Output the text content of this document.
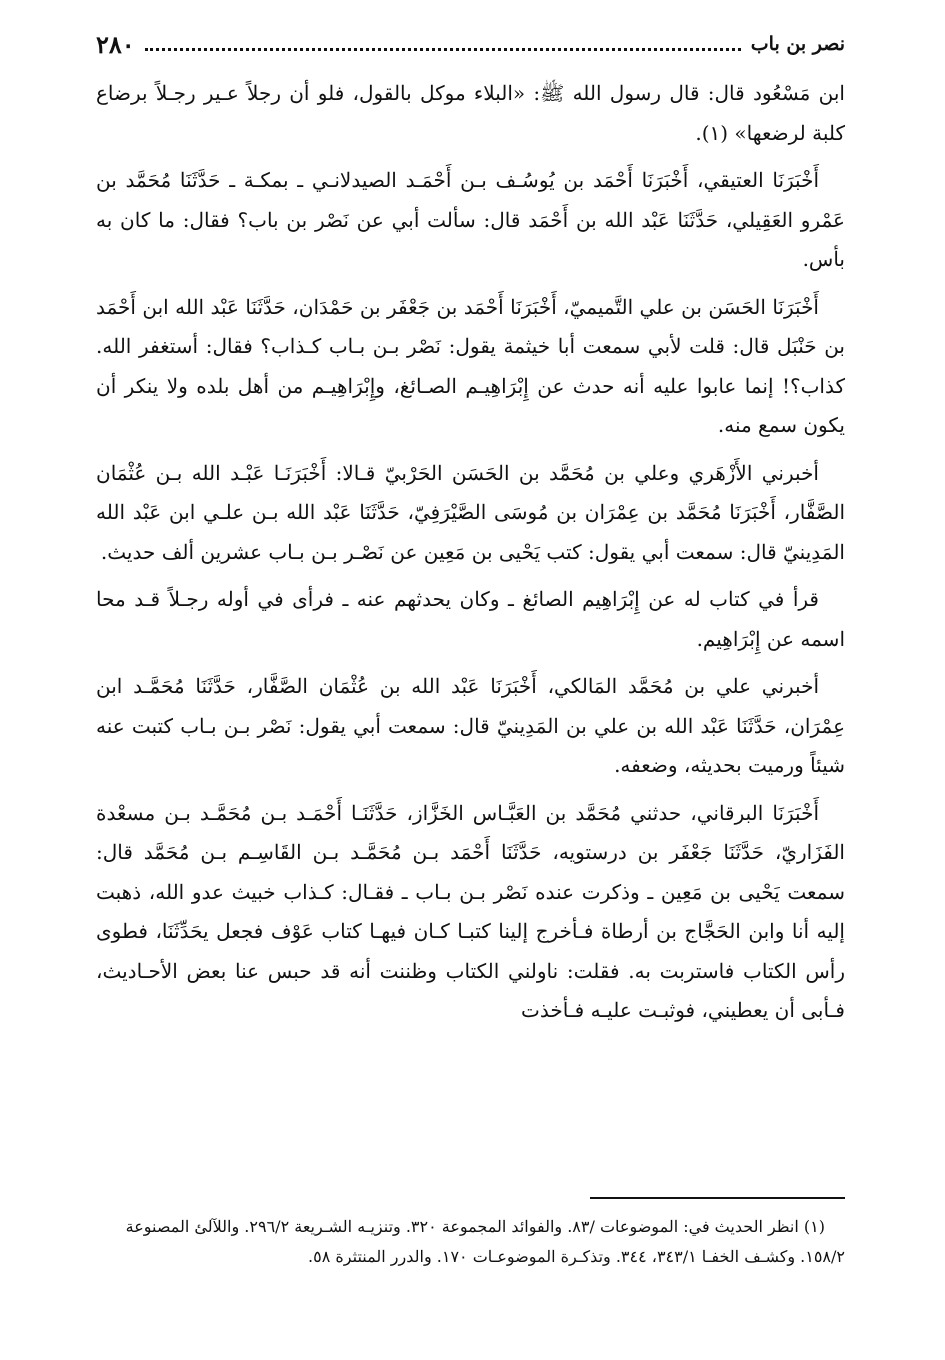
٢٨٠	نصر بن باب

ابن مَسْعُود قال: قال رسول الله ﷺ: «البلاء موكل بالقول، فلو أن رجلاً عـير رجـلاً برضاع كلبة لرضعها» (١).

أَخْبَرَنَا العتيقي، أَخْبَرَنَا أَحْمَد بن يُوسُـف بـن أَحْمَـد الصيدلانـي ـ بمكـة ـ حَدَّثَنَا مُحَمَّد بن عَمْرو العَقِيلي، حَدَّثَنَا عَبْد الله بن أَحْمَد قال: سألت أبي عن نَصْر بن باب؟ فقال: ما كان به بأس.

أَخْبَرَنَا الحَسَن بن علي التَّميميّ، أَخْبَرَنَا أَحْمَد بن جَعْفَر بن حَمْدَان، حَدَّثَنَا عَبْد الله ابن أَحْمَد بن حَنْبَل قال: قلت لأبي سمعت أبا خيثمة يقول: نَصْر بـن بـاب كـذاب؟ فقال: أستغفر الله. كذاب؟! إنما عابوا عليه أنه حدث عن إِبْرَاهِيـم الصـائغ، وإِبْرَاهِيـم من أهل بلده ولا ينكر أن يكون سمع منه.

أخبرني الأَزْهَري وعلي بن مُحَمَّد بن الحَسَن الحَرْبيّ قـالا: أَخْبَرَنَـا عَبْـد الله بـن عُثْمَان الصَّفَّار، أَخْبَرَنَا مُحَمَّد بن عِمْرَان بن مُوسَى الصَّيْرَفِيّ، حَدَّثَنَا عَبْد الله بـن علـي ابن عَبْد الله المَدِينيّ قال: سمعت أبي يقول: كتب يَحْيى بن مَعِين عن نَصْـر بـن بـاب عشرين ألف حديث.

قرأ في كتاب له عن إِبْرَاهِيم الصائغ ـ وكان يحدثهم عنه ـ فرأى في أوله رجـلاً قـد محا اسمه عن إِبْرَاهِيم.

أخبرني علي بن مُحَمَّد المَالكي، أَخْبَرَنَا عَبْد الله بن عُثْمَان الصَّفَّار، حَدَّثَنَا مُحَمَّـد ابن عِمْرَان، حَدَّثَنَا عَبْد الله بن علي بن المَدِينيّ قال: سمعت أبي يقول: نَصْر بـن بـاب كتبت عنه شيئاً ورميت بحديثه، وضعفه.

أَخْبَرَنَا البرقاني، حدثني مُحَمَّد بن العَبَّـاس الخَزَّاز، حَدَّثَنَـا أَحْمَـد بـن مُحَمَّـد بـن مسعْدة الفَزَاريّ، حَدَّثَنَا جَعْفَر بن درستويه، حَدَّثَنَا أَحْمَد بـن مُحَمَّـد بـن القَاسِـم بـن مُحَمَّد قال: سمعت يَحْيى بن مَعِين ـ وذكرت عنده نَصْر بـن بـاب ـ فقـال: كـذاب خبيث عدو الله، ذهبت إليه أنا وابن الحَجَّاج بن أرطاة فـأخرج إلينا كتبـا كـان فيهـا كتاب عَوْف فجعل يحَدِّثَنَا، فطوى رأس الكتاب فاستربت به. فقلت: ناولني الكتاب وظننت أنه قد حبس عنا بعض الأحـاديث، فـأبى أن يعطيني، فوثبـت عليـه فـأخذت

(١) انظر الحديث في: الموضوعات /٨٣. والفوائد المجموعة ٣٢٠. وتنزيـه الشـريعة ٢٩٦/٢. واللآلئ المصنوعة ١٥٨/٢. وكشـف الخفـا ٣٤٣/١، ٣٤٤. وتذكـرة الموضوعـات ١٧٠. والدرر المنتثرة ٥٨.
